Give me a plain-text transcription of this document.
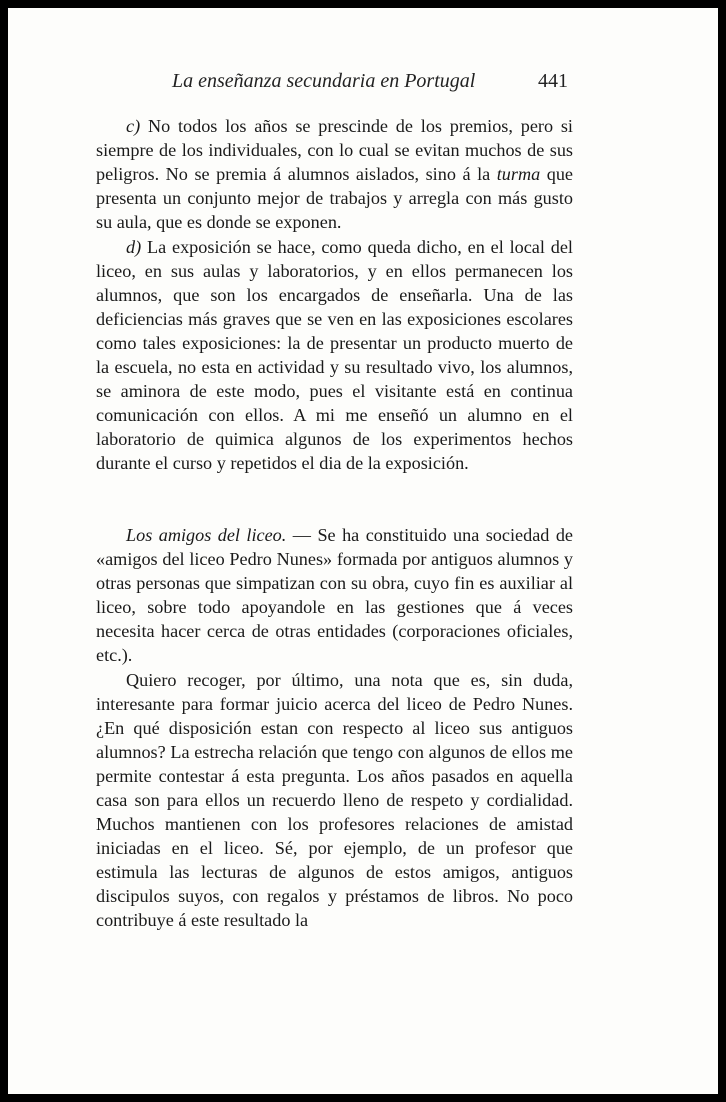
La enseñanza secundaria en Portugal	441

c) No todos los años se prescinde de los premios, pero si siempre de los individuales, con lo cual se evitan muchos de sus peligros. No se premia á alumnos aislados, sino á la turma que presenta un conjunto mejor de trabajos y arregla con más gusto su aula, que es donde se exponen.

d) La exposición se hace, como queda dicho, en el local del liceo, en sus aulas y laboratorios, y en ellos permanecen los alumnos, que son los encargados de enseñarla. Una de las deficiencias más graves que se ven en las exposiciones escolares como tales exposiciones: la de presentar un producto muerto de la escuela, no esta en actividad y su resultado vivo, los alumnos, se aminora de este modo, pues el visitante está en continua comunicación con ellos. A mi me enseñó un alumno en el laboratorio de quimica algunos de los experimentos hechos durante el curso y repetidos el dia de la exposición.

Los amigos del liceo. — Se ha constituido una sociedad de «amigos del liceo Pedro Nunes» formada por antiguos alumnos y otras personas que simpatizan con su obra, cuyo fin es auxiliar al liceo, sobre todo apoyandole en las gestiones que á veces necesita hacer cerca de otras entidades (corporaciones oficiales, etc.).

Quiero recoger, por último, una nota que es, sin duda, interesante para formar juicio acerca del liceo de Pedro Nunes. ¿En qué disposición estan con respecto al liceo sus antiguos alumnos? La estrecha relación que tengo con algunos de ellos me permite contestar á esta pregunta. Los años pasados en aquella casa son para ellos un recuerdo lleno de respeto y cordialidad. Muchos mantienen con los profesores relaciones de amistad iniciadas en el liceo. Sé, por ejemplo, de un profesor que estimula las lecturas de algunos de estos amigos, antiguos discipulos suyos, con regalos y préstamos de libros. No poco contribuye á este resultado la
